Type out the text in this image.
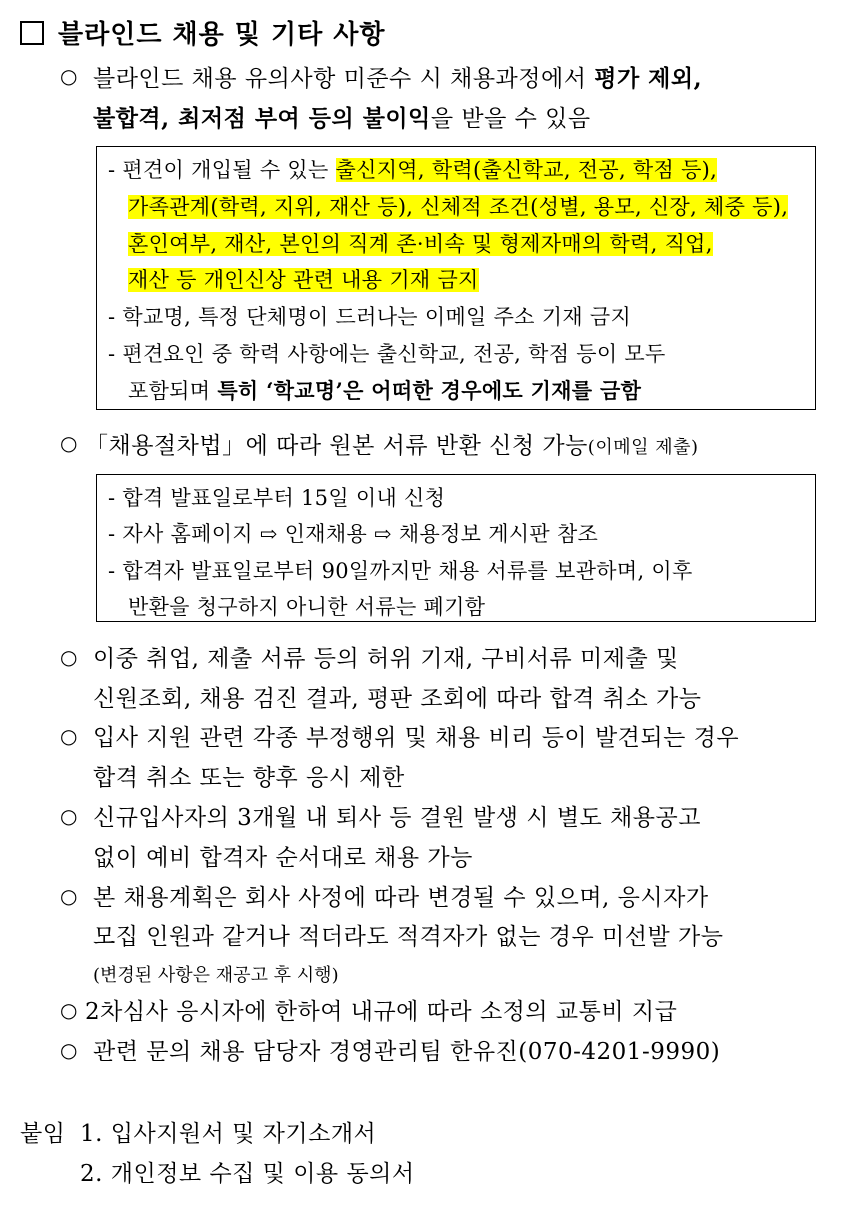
블라인드 채용 및 기타 사항
○ 블라인드 채용 유의사항 미준수 시 채용과정에서 평가 제외,
불합격, 최저점 부여 등의 불이익을 받을 수 있음
- 편견이 개입될 수 있는 출신지역, 학력(출신학교, 전공, 학점 등),
가족관계(학력, 지위, 재산 등), 신체적 조건(성별, 용모, 신장, 체중 등),
혼인여부, 재산, 본인의 직계 존·비속 및 형제자매의 학력, 직업,
재산 등 개인신상 관련 내용 기재 금지
- 학교명, 특정 단체명이 드러나는 이메일 주소 기재 금지
- 편견요인 중 학력 사항에는 출신학교, 전공, 학점 등이 모두
포함되며 특히 ‘학교명’은 어떠한 경우에도 기재를 금함
○ 「채용절차법」에 따라 원본 서류 반환 신청 가능(이메일 제출)
- 합격 발표일로부터 15일 이내 신청
- 자사 홈페이지 ⇨ 인재채용 ⇨ 채용정보 게시판 참조
- 합격자 발표일로부터 90일까지만 채용 서류를 보관하며, 이후
반환을 청구하지 아니한 서류는 폐기함
○ 이중 취업, 제출 서류 등의 허위 기재, 구비서류 미제출 및
신원조회, 채용 검진 결과, 평판 조회에 따라 합격 취소 가능
○ 입사 지원 관련 각종 부정행위 및 채용 비리 등이 발견되는 경우
합격 취소 또는 향후 응시 제한
○ 신규입사자의 3개월 내 퇴사 등 결원 발생 시 별도 채용공고
없이 예비 합격자 순서대로 채용 가능
○ 본 채용계획은 회사 사정에 따라 변경될 수 있으며, 응시자가
모집 인원과 같거나 적더라도 적격자가 없는 경우 미선발 가능
(변경된 사항은 재공고 후 시행)
○ 2차심사 응시자에 한하여 내규에 따라 소정의 교통비 지급
○ 관련 문의 채용 담당자 경영관리팀 한유진(070-4201-9990)
붙임 1. 입사지원서 및 자기소개서
2. 개인정보 수집 및 이용 동의서
